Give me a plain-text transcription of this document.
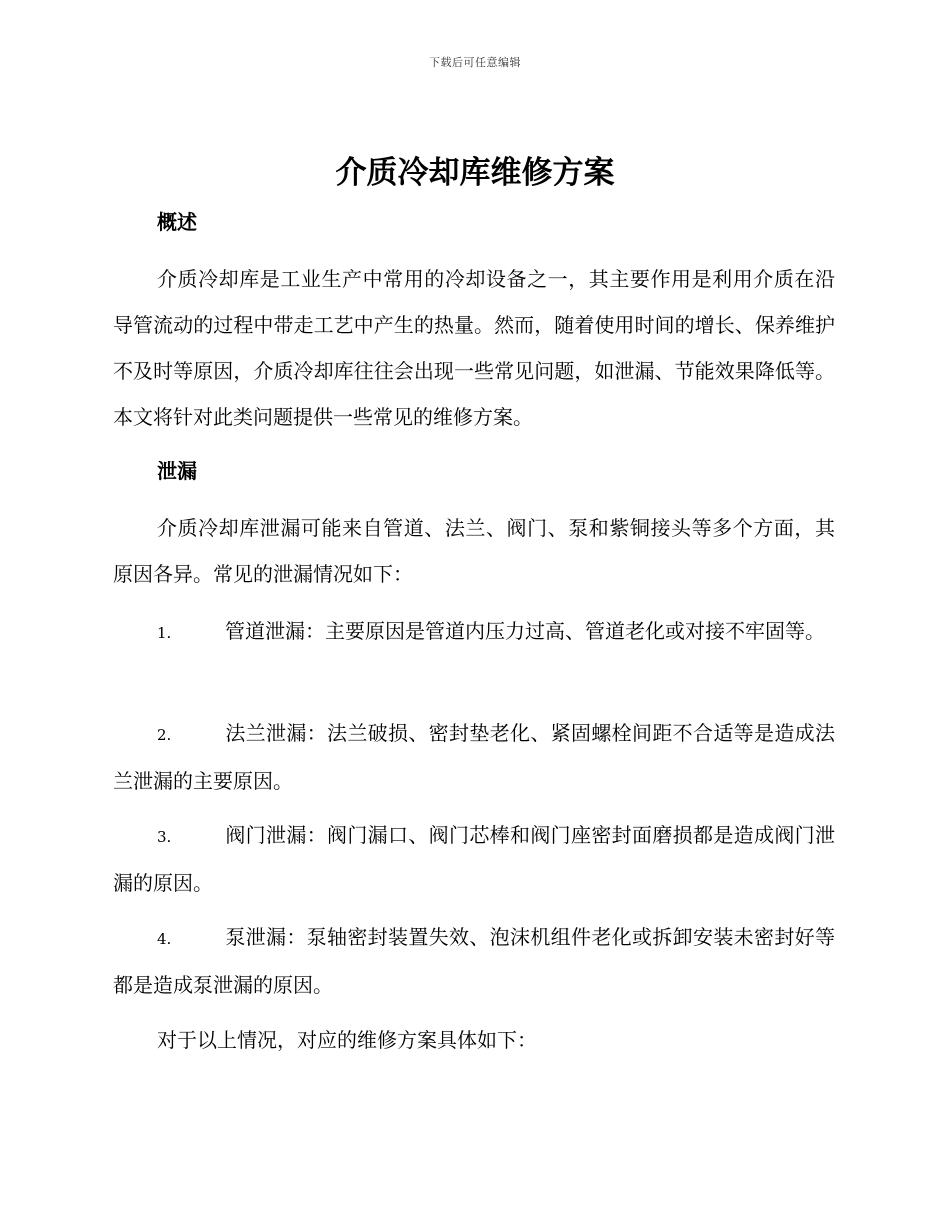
下载后可任意编辑
介质冷却库维修方案
概述

介质冷却库是工业生产中常用的冷却设备之一，其主要作用是利用介质在沿导管流动的过程中带走工艺中产生的热量。然而，随着使用时间的增长、保养维护不及时等原因，介质冷却库往往会出现一些常见问题，如泄漏、节能效果降低等。本文将针对此类问题提供一些常见的维修方案。

泄漏

介质冷却库泄漏可能来自管道、法兰、阀门、泵和紫铜接头等多个方面，其原因各异。常见的泄漏情况如下：

1.	管道泄漏：主要原因是管道内压力过高、管道老化或对接不牢固等。

2.	法兰泄漏：法兰破损、密封垫老化、紧固螺栓间距不合适等是造成法兰泄漏的主要原因。

3.	阀门泄漏：阀门漏口、阀门芯棒和阀门座密封面磨损都是造成阀门泄漏的原因。

4.	泵泄漏：泵轴密封装置失效、泡沫机组件老化或拆卸安装未密封好等都是造成泵泄漏的原因。

对于以上情况，对应的维修方案具体如下：
